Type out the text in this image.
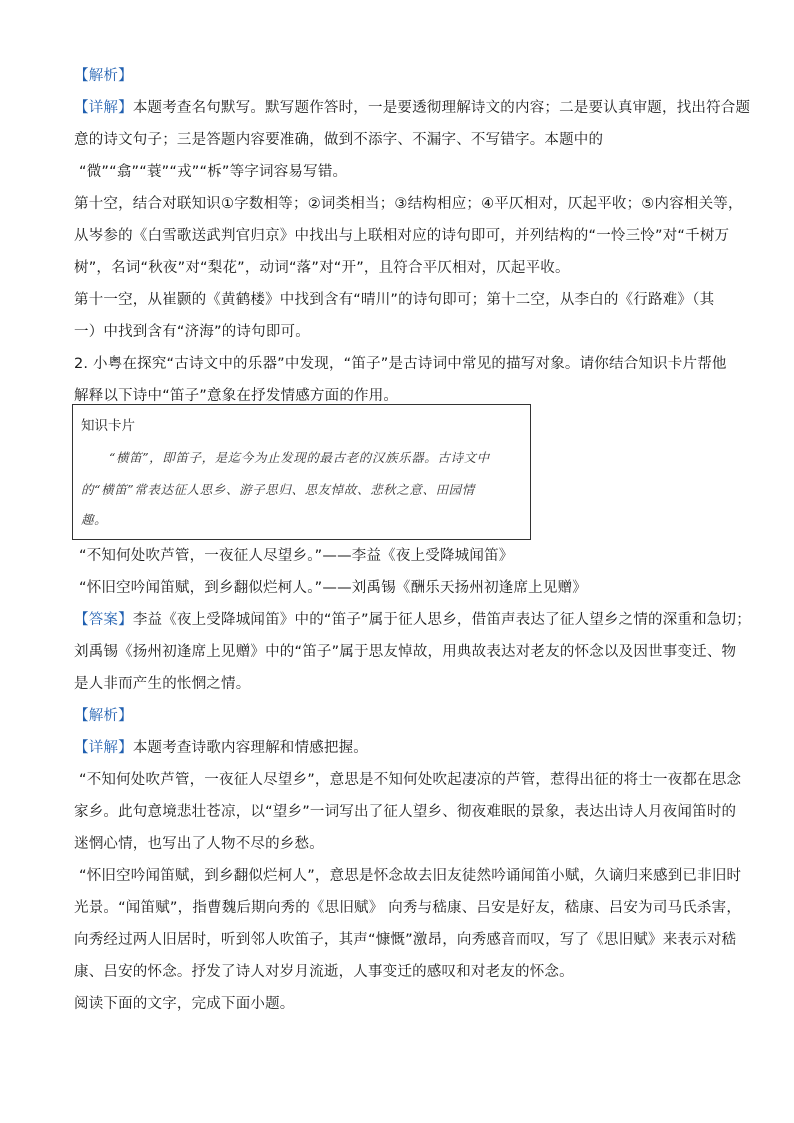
【解析】
【详解】本题考查名句默写。默写题作答时，一是要透彻理解诗文的内容；二是要认真审题，找出符合题
意的诗文句子；三是答题内容要准确，做到不添字、不漏字、不写错字。本题中的
“微”“翕”“蓑”“戎”“柝”等字词容易写错。
第十空，结合对联知识①字数相等；②词类相当；③结构相应；④平仄相对，仄起平收；⑤内容相关等，
从岑参的《白雪歌送武判官归京》中找出与上联相对应的诗句即可，并列结构的“一怜三怜”对“千树万
树”，名词“秋夜”对“梨花”，动词“落”对“开”，且符合平仄相对，仄起平收。
第十一空，从崔颢的《黄鹤楼》中找到含有“晴川”的诗句即可；第十二空，从李白的《行路难》（其
一）中找到含有“济海”的诗句即可。
2. 小粤在探究“古诗文中的乐器”中发现，“笛子”是古诗词中常见的描写对象。请你结合知识卡片帮他
解释以下诗中“笛子”意象在抒发情感方面的作用。
知识卡片
“横笛”，即笛子，是迄今为止发现的最古老的汉族乐器。古诗文中
的“横笛”常表达征人思乡、游子思归、思友悼故、悲秋之意、田园情
趣。
“不知何处吹芦管，一夜征人尽望乡。”——李益《夜上受降城闻笛》
“怀旧空吟闻笛赋，到乡翻似烂柯人。”——刘禹锡《酬乐天扬州初逢席上见赠》
【答案】李益《夜上受降城闻笛》中的“笛子”属于征人思乡，借笛声表达了征人望乡之情的深重和急切；
刘禹锡《扬州初逢席上见赠》中的“笛子”属于思友悼故，用典故表达对老友的怀念以及因世事变迁、物
是人非而产生的怅惘之情。
【解析】
【详解】本题考查诗歌内容理解和情感把握。
“不知何处吹芦管，一夜征人尽望乡”，意思是不知何处吹起凄凉的芦管，惹得出征的将士一夜都在思念
家乡。此句意境悲壮苍凉，以“望乡”一词写出了征人望乡、彻夜难眠的景象，表达出诗人月夜闻笛时的
迷惘心情，也写出了人物不尽的乡愁。
“怀旧空吟闻笛赋，到乡翻似烂柯人”，意思是怀念故去旧友徒然吟诵闻笛小赋，久谪归来感到已非旧时
光景。“闻笛赋”，指曹魏后期向秀的《思旧赋》 向秀与嵇康、吕安是好友，嵇康、吕安为司马氏杀害，
向秀经过两人旧居时，听到邻人吹笛子，其声“慷慨”激昂，向秀感音而叹，写了《思旧赋》来表示对嵇
康、吕安的怀念。抒发了诗人对岁月流逝，人事变迁的感叹和对老友的怀念。
阅读下面的文字，完成下面小题。
